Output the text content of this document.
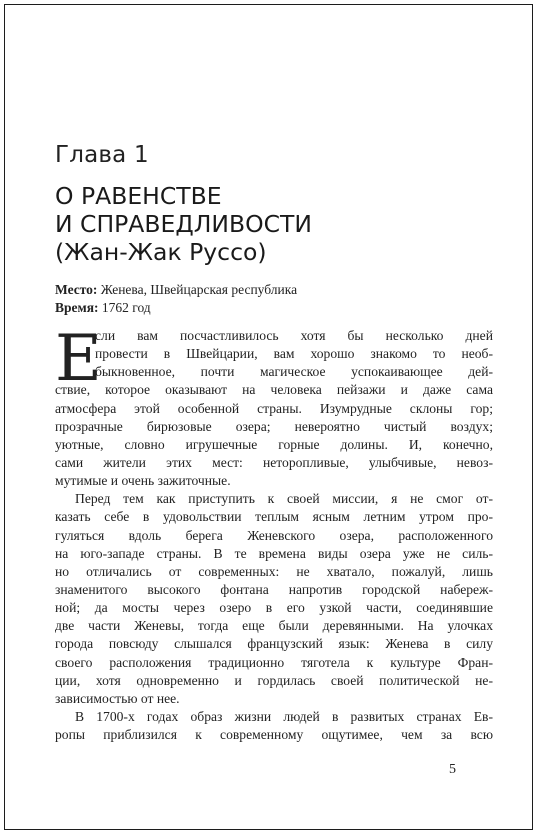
Глава 1
О РАВЕНСТВЕ
И СПРАВЕДЛИВОСТИ
(Жан-Жак Руссо)
Место: Женева, Швейцарская республика
Время: 1762 год
Е
сли вам посчастливилось хотя бы несколько дней
провести в Швейцарии, вам хорошо знакомо то необ-
быкновенное, почти магическое успокаивающее дей-
ствие, которое оказывают на человека пейзажи и даже сама
атмосфера этой особенной страны. Изумрудные склоны гор;
прозрачные бирюзовые озера; невероятно чистый воздух;
уютные, словно игрушечные горные долины. И, конечно,
сами жители этих мест: неторопливые, улыбчивые, невоз-
мутимые и очень зажиточные.
Перед тем как приступить к своей миссии, я не смог от-
казать себе в удовольствии теплым ясным летним утром про-
гуляться вдоль берега Женевского озера, расположенного
на юго-западе страны. В те времена виды озера уже не силь-
но отличались от современных: не хватало, пожалуй, лишь
знаменитого высокого фонтана напротив городской набереж-
ной; да мосты через озеро в его узкой части, соединявшие
две части Женевы, тогда еще были деревянными. На улочках
города повсюду слышался французский язык: Женева в силу
своего расположения традиционно тяготела к культуре Фран-
ции, хотя одновременно и гордилась своей политической не-
зависимостью от нее.
В 1700-х годах образ жизни людей в развитых странах Ев-
ропы приблизился к современному ощутимее, чем за всю
5
